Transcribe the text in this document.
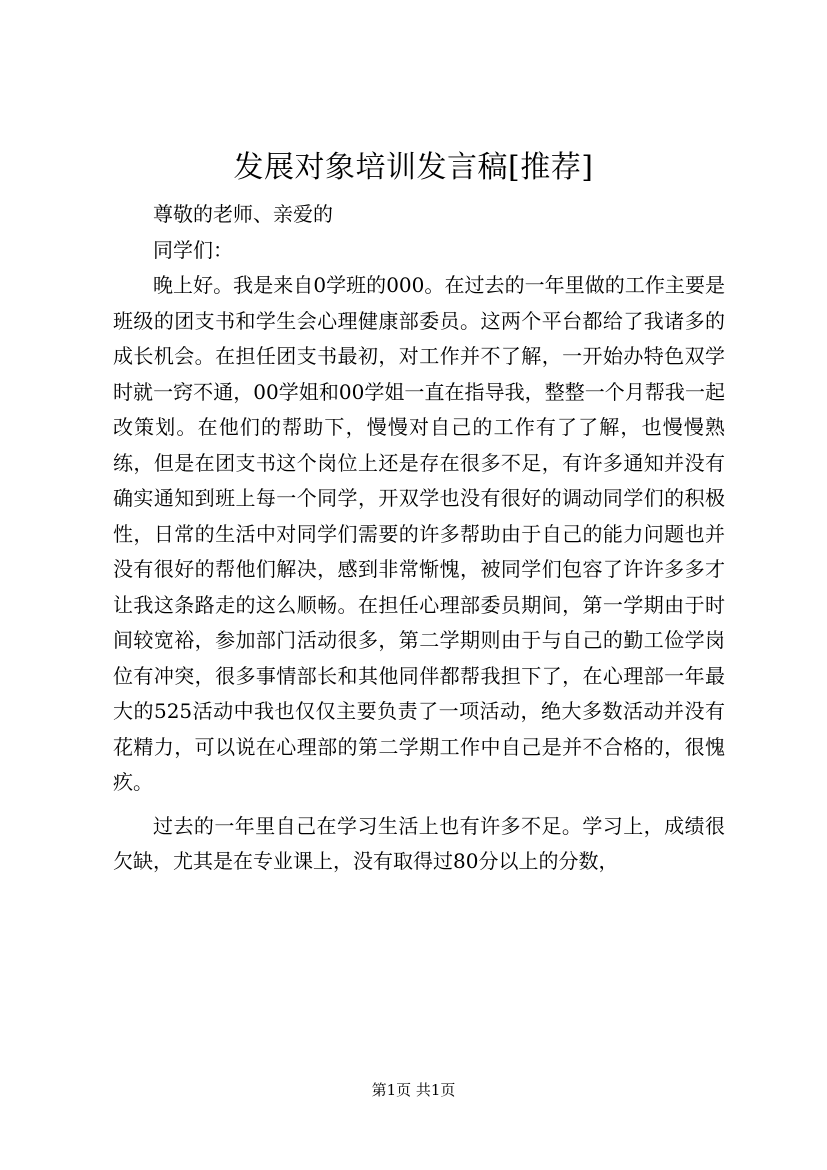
发展对象培训发言稿[推荐]

尊敬的老师、亲爱的

同学们：

晚上好。我是来自0学班的000。在过去的一年里做的工作主要是班级的团支书和学生会心理健康部委员。这两个平台都给了我诸多的成长机会。在担任团支书最初，对工作并不了解，一开始办特色双学时就一窍不通，00学姐和00学姐一直在指导我，整整一个月帮我一起改策划。在他们的帮助下，慢慢对自己的工作有了了解，也慢慢熟练，但是在团支书这个岗位上还是存在很多不足，有许多通知并没有确实通知到班上每一个同学，开双学也没有很好的调动同学们的积极性，日常的生活中对同学们需要的许多帮助由于自己的能力问题也并没有很好的帮他们解决，感到非常惭愧，被同学们包容了许许多多才让我这条路走的这么顺畅。在担任心理部委员期间，第一学期由于时间较宽裕，参加部门活动很多，第二学期则由于与自己的勤工俭学岗位有冲突，很多事情部长和其他同伴都帮我担下了，在心理部一年最大的525活动中我也仅仅主要负责了一项活动，绝大多数活动并没有花精力，可以说在心理部的第二学期工作中自己是并不合格的，很愧疚。

过去的一年里自己在学习生活上也有许多不足。学习上，成绩很欠缺，尤其是在专业课上，没有取得过80分以上的分数，

第1页 共1页
